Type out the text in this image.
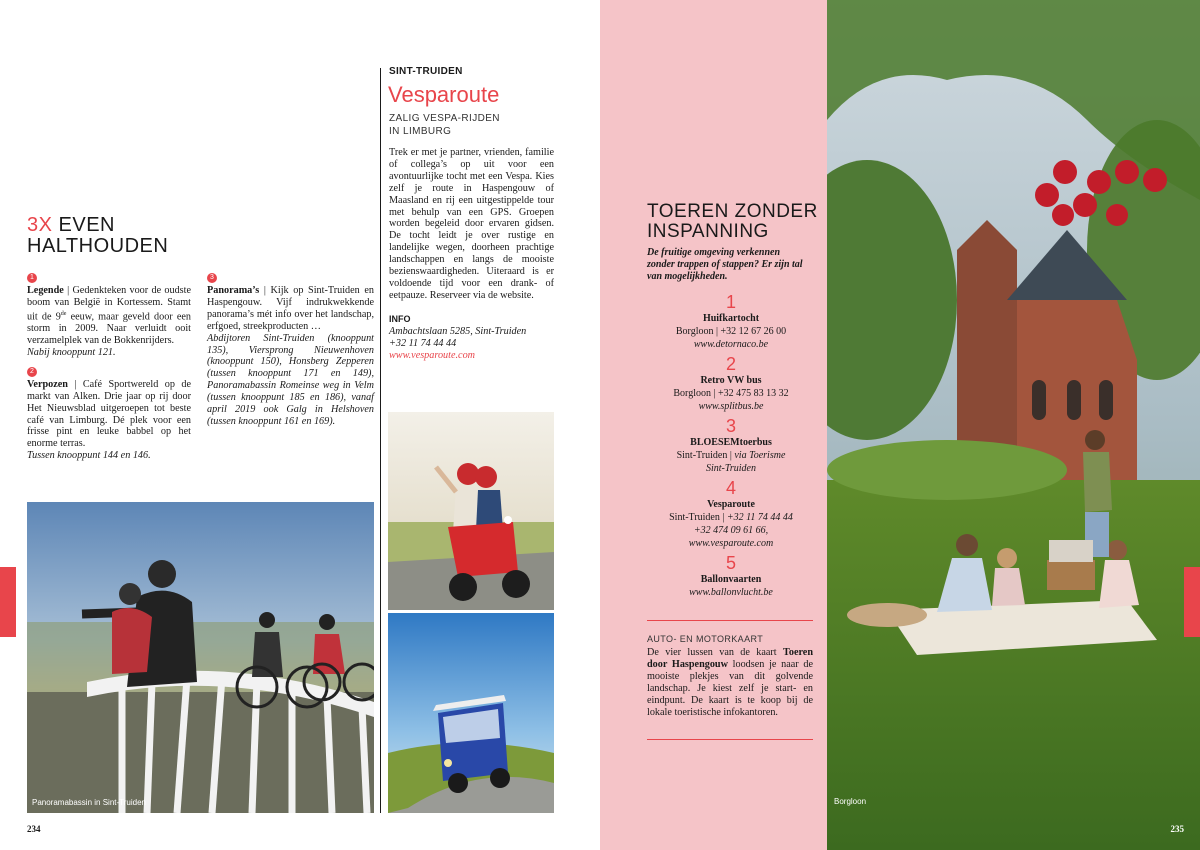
3X EVEN
HALTHOUDEN
1
Legende | Gedenkteken voor de oudste boom van België in Kortessem. Stamt uit de 9de eeuw, maar geveld door een storm in 2009. Naar verluidt ooit verzamelplek van de Bokkenrijders.
Nabij knooppunt 121.
2
Verpozen | Café Sportwereld op de markt van Alken. Drie jaar op rij door Het Nieuwsblad uitgeroepen tot beste café van Limburg. Dé plek voor een frisse pint en leuke babbel op het enorme terras.
Tussen knooppunt 144 en 146.
3
Panorama’s | Kijk op Sint-Truiden en Haspengouw. Vijf indrukwekkende panorama’s mét info over het landschap, erfgoed, streekproducten …
Abdijtoren Sint-Truiden (knooppunt 135), Viersprong Nieuwenhoven (knooppunt 150), Honsberg Zepperen (tussen knooppunt 171 en 149), Panoramabassin Romeinse weg in Velm (tussen knooppunt 185 en 186), vanaf april 2019 ook Galg in Helshoven (tussen knooppunt 161 en 169).
Panoramabassin in Sint-Truiden
234
SINT-TRUIDEN
Vesparoute
ZALIG VESPA-RIJDEN
IN LIMBURG
Trek er met je partner, vrienden, familie of collega’s op uit voor een avontuurlijke tocht met een Vespa. Kies zelf je route in Haspengouw of Maasland en rij een uitgestippelde tour met behulp van een GPS. Groepen worden begeleid door ervaren gidsen. De tocht leidt je over rustige en landelijke wegen, doorheen prachtige landschappen en langs de mooiste bezienswaardigheden. Uiteraard is er voldoende tijd voor een drank- of eetpauze. Reserveer via de website.
INFO
Ambachtslaan 5285, Sint-Truiden
+32 11 74 44 44
www.vesparoute.com
TOEREN ZONDER
INSPANNING
De fruitige omgeving verkennen zonder trappen of stappen? Er zijn tal van mogelijkheden.
1
Huifkartocht
Borgloon | +32 12 67 26 00
www.detornaco.be
2
Retro VW bus
Borgloon | +32 475 83 13 32
www.splitbus.be
3
BLOESEMtoerbus
Sint-Truiden | via Toerisme
Sint-Truiden
4
Vesparoute
Sint-Truiden | +32 11 74 44 44
+32 474 09 61 66,
www.vesparoute.com
5
Ballonvaarten
www.ballonvlucht.be
AUTO- EN MOTORKAART
De vier lussen van de kaart Toeren door Haspengouw loodsen je naar de mooiste plekjes van dit golvende landschap. Je kiest zelf je start- en eindpunt. De kaart is te koop bij de lokale toeristische infokantoren.
Borgloon
235
